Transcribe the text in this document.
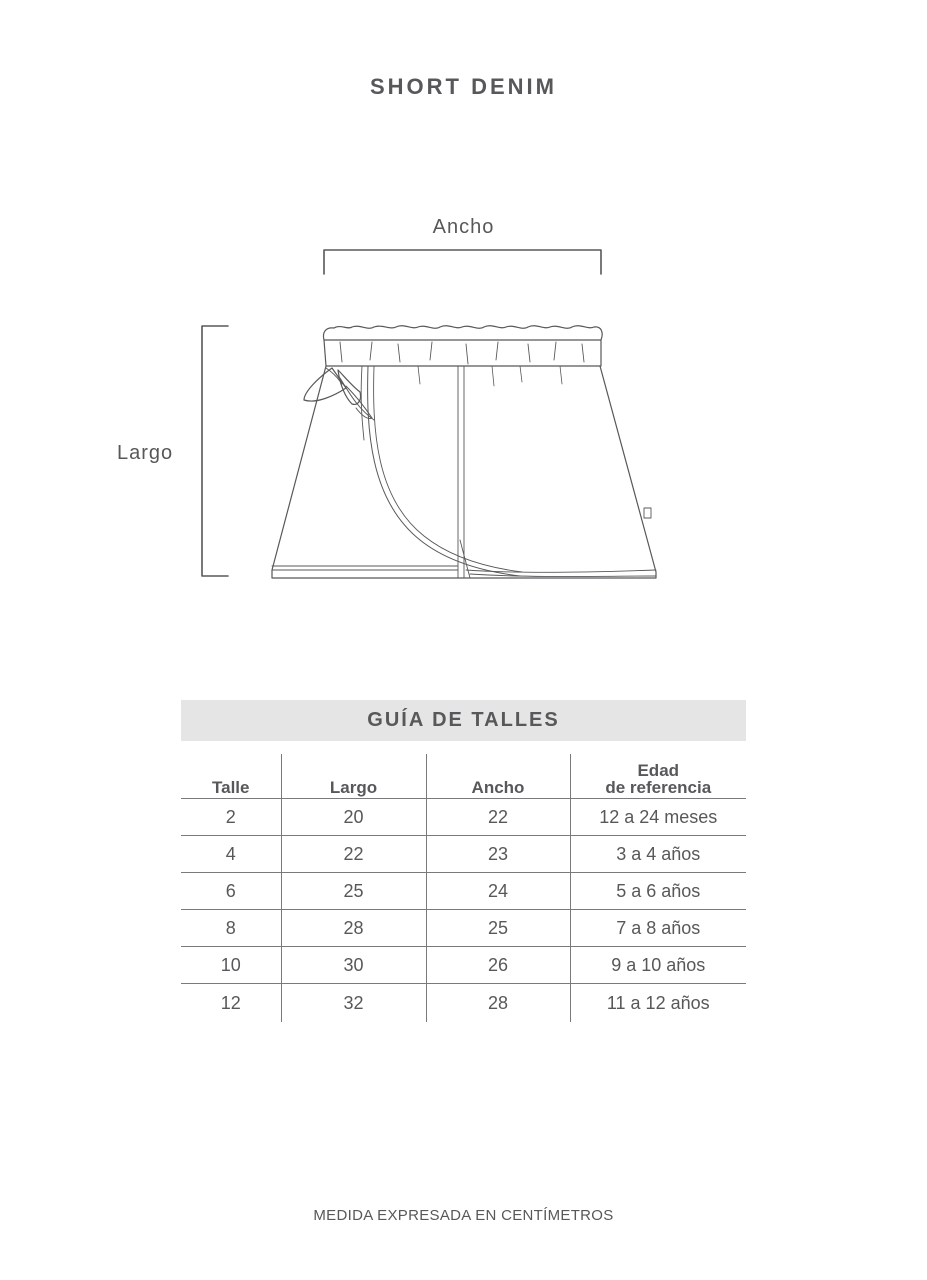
SHORT DENIM
Ancho
Largo
GUÍA DE TALLES
Talle	Largo	Ancho	Edad
de referencia

2	20	22	12 a 24 meses
4	22	23	3 a 4 años
6	25	24	5 a 6 años
8	28	25	7 a 8 años
10	30	26	9 a 10 años
12	32	28	11 a 12 años
MEDIDA EXPRESADA EN CENTÍMETROS
